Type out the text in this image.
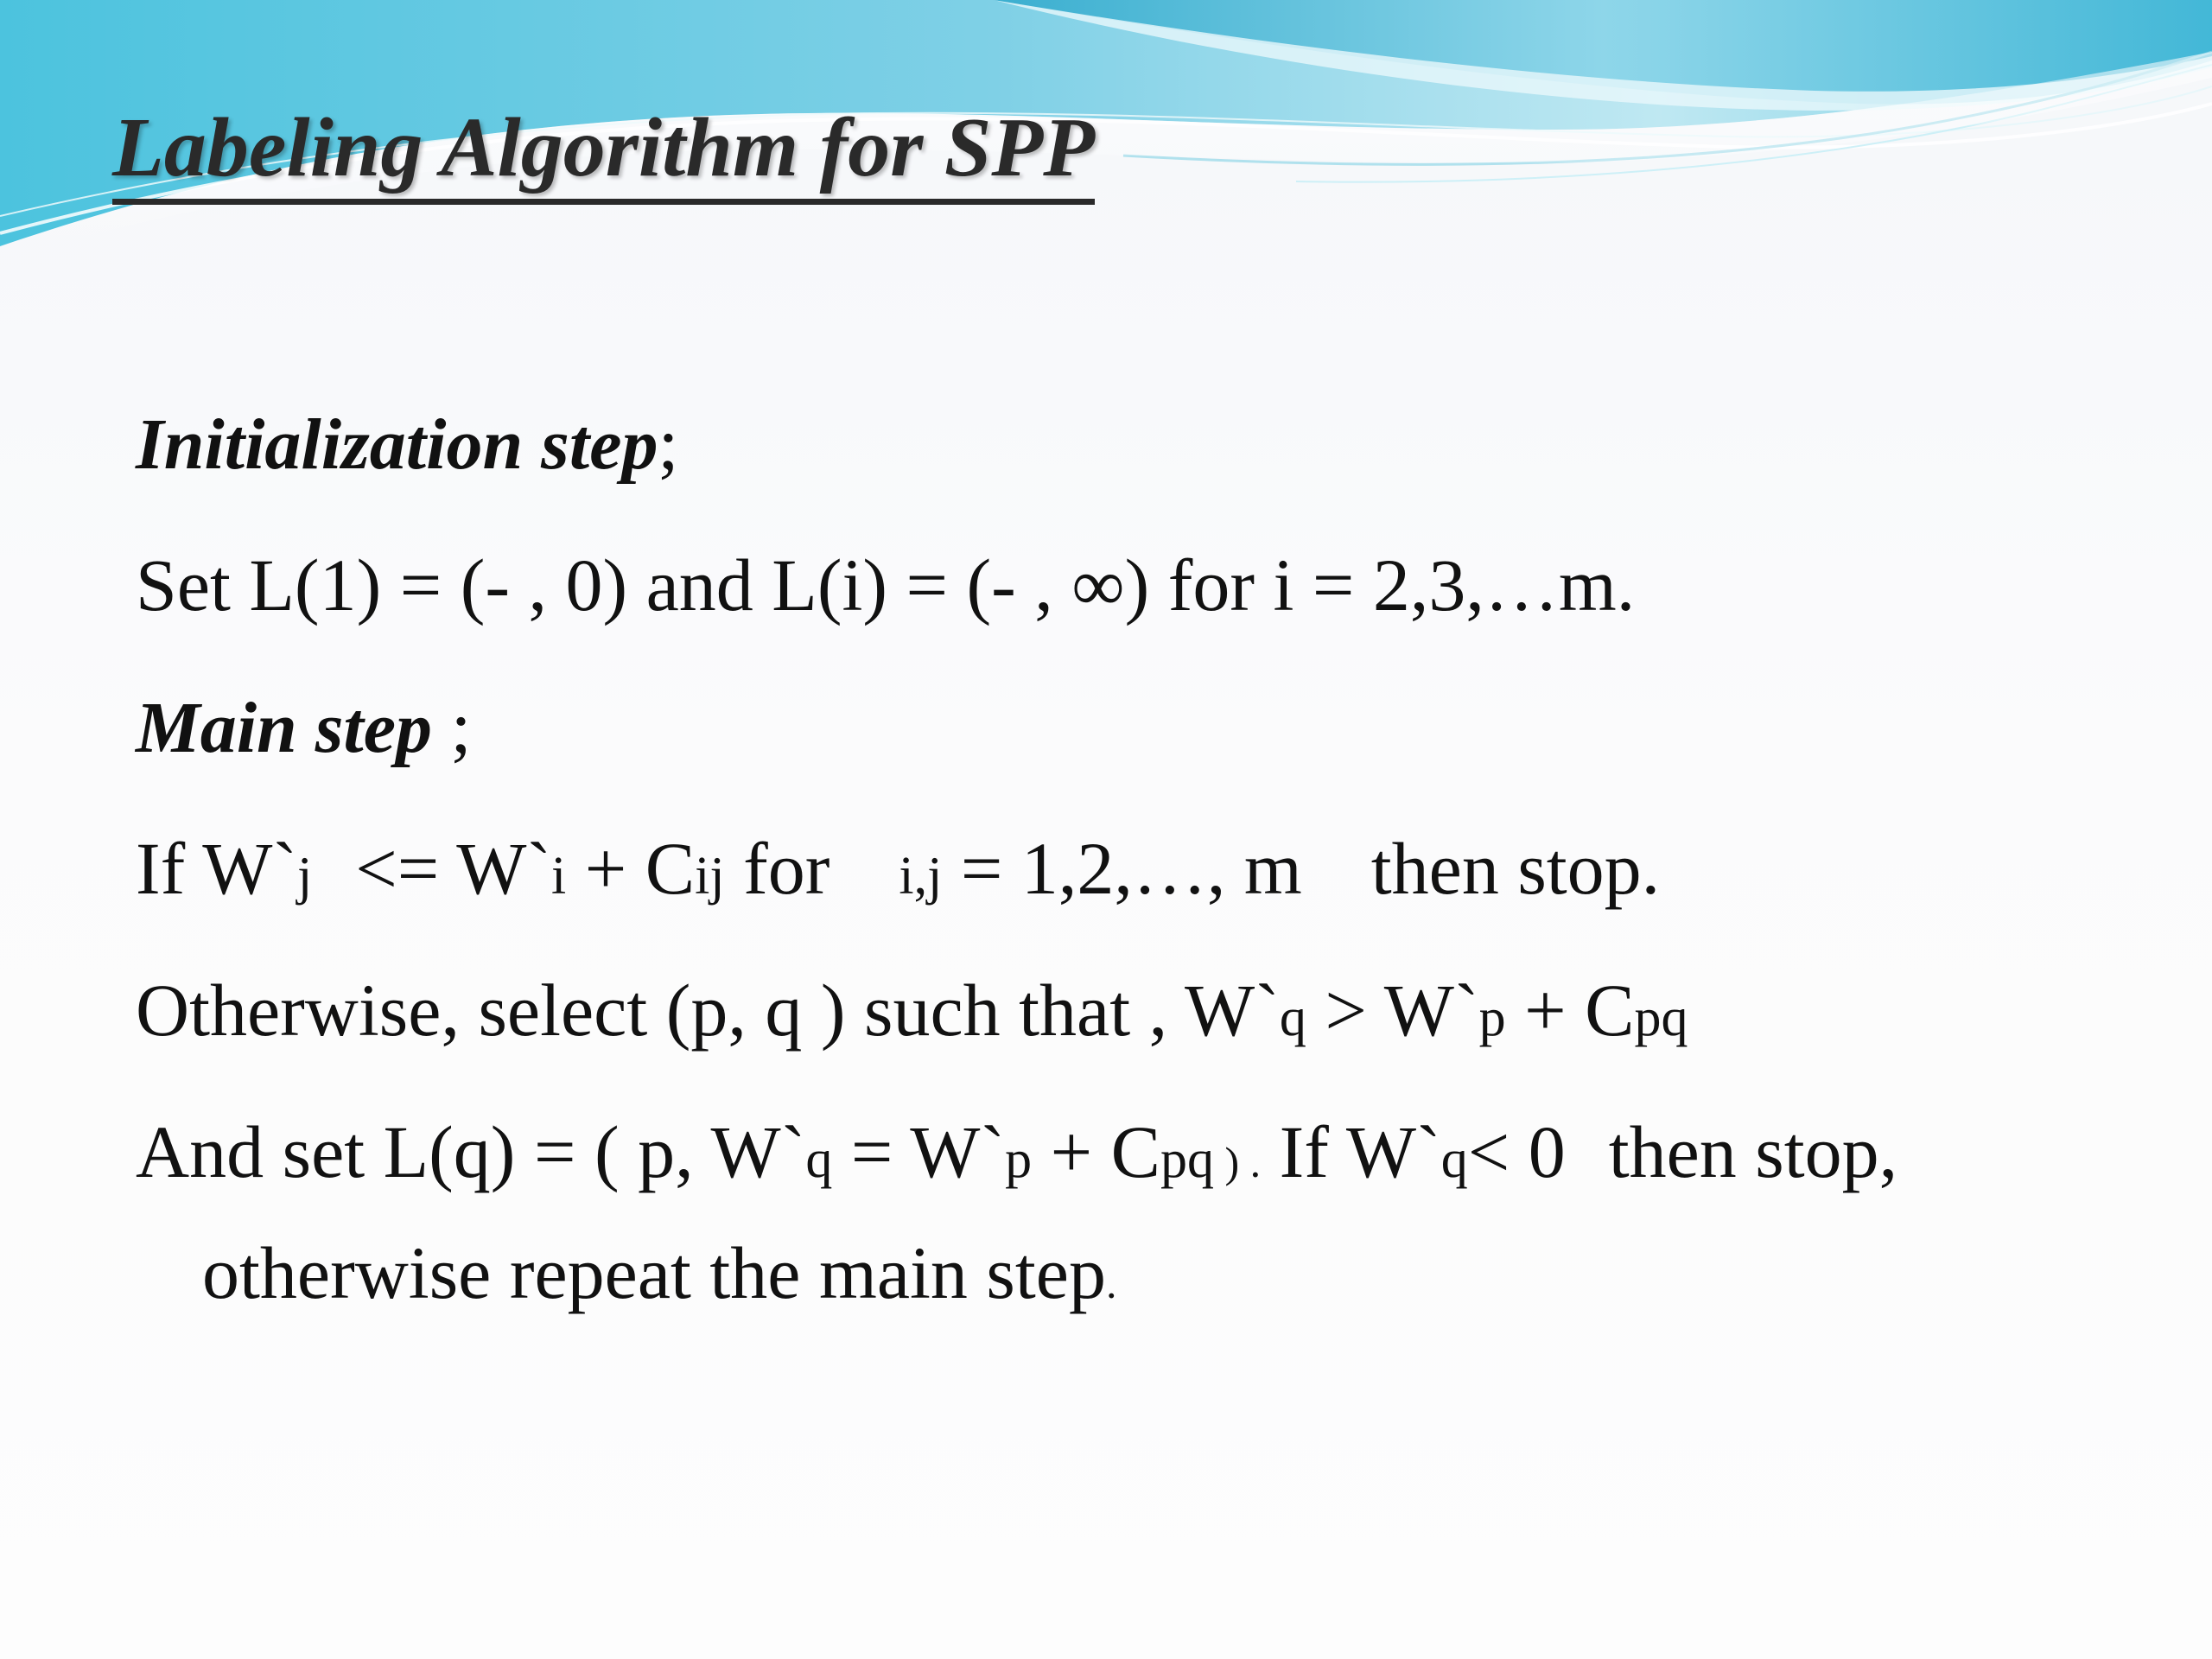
Labeling Algorithm for SPP
Initialization step;
Set L(1) = (- , 0) and L(i) = (- , ∞) for i = 2,3,…m.
Main step ;
If W`j <= W`i + Cij for i,j = 1,2,…, m then stop.
Otherwise, select (p, q ) such that , W`q > W`p + Cpq
And set L(q) = ( p, W`q = W`p + Cpq ) . If W`q< 0 then stop,
otherwise repeat the main step.
